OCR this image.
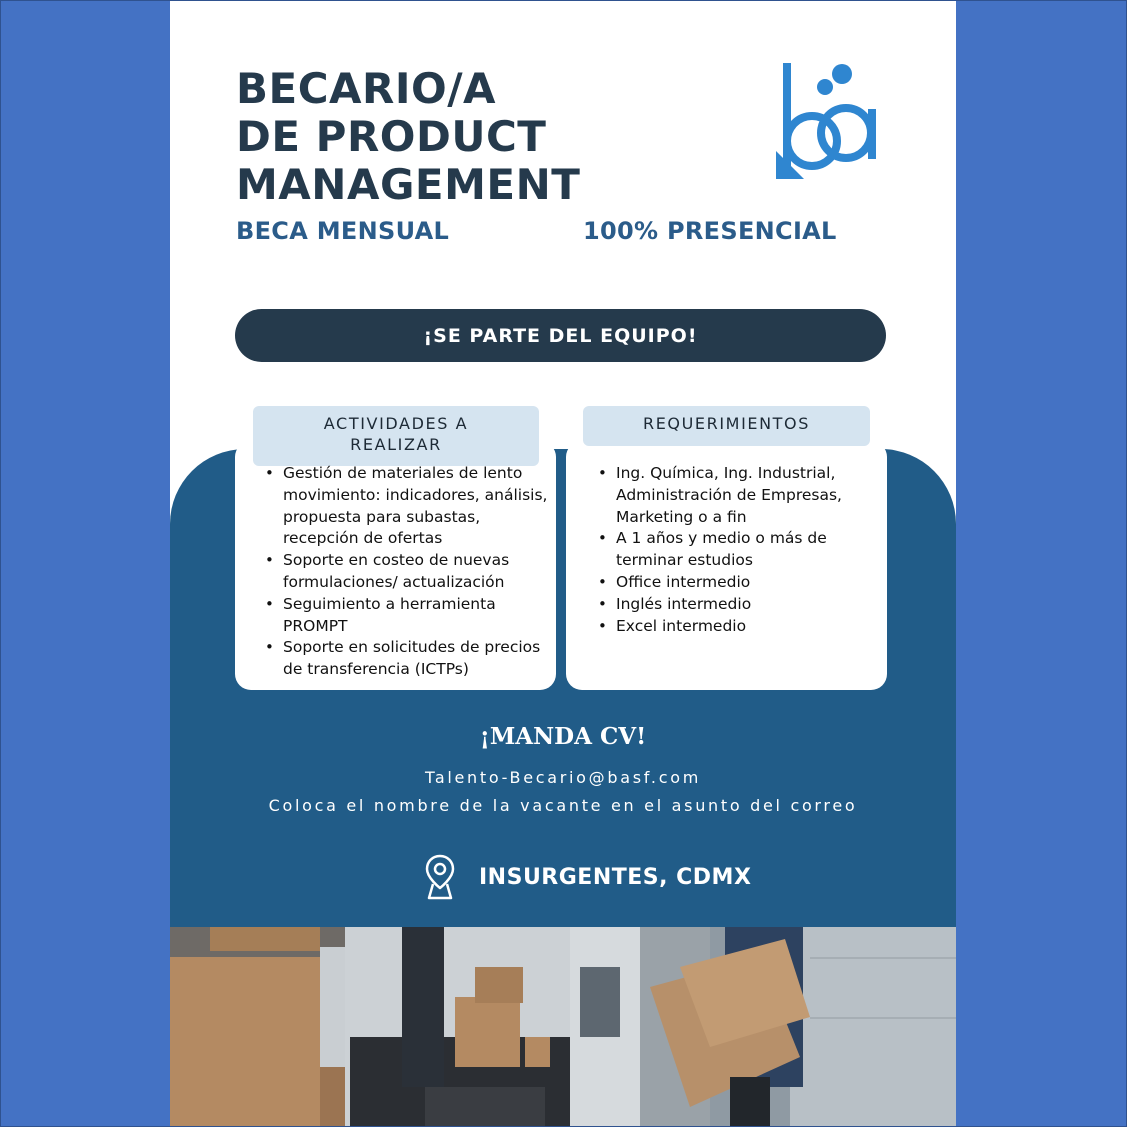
BECARIO/A
DE PRODUCT
MANAGEMENT
BECA MENSUAL	100% PRESENCIAL
¡SE PARTE DEL EQUIPO!
ACTIVIDADES A
REALIZAR
REQUERIMIENTOS
• Gestión de materiales de lento movimiento: indicadores, análisis, propuesta para subastas, recepción de ofertas
• Soporte en costeo de nuevas formulaciones/ actualización
• Seguimiento a herramienta PROMPT
• Soporte en solicitudes de precios de transferencia (ICTPs)
• Ing. Química, Ing. Industrial, Administración de Empresas, Marketing o a fin
• A 1 años y medio o más de terminar estudios
• Office intermedio
• Inglés intermedio
• Excel intermedio
¡MANDA CV!

Talento-Becario@basf.com

Coloca el nombre de la vacante en el asunto del correo

INSURGENTES, CDMX
